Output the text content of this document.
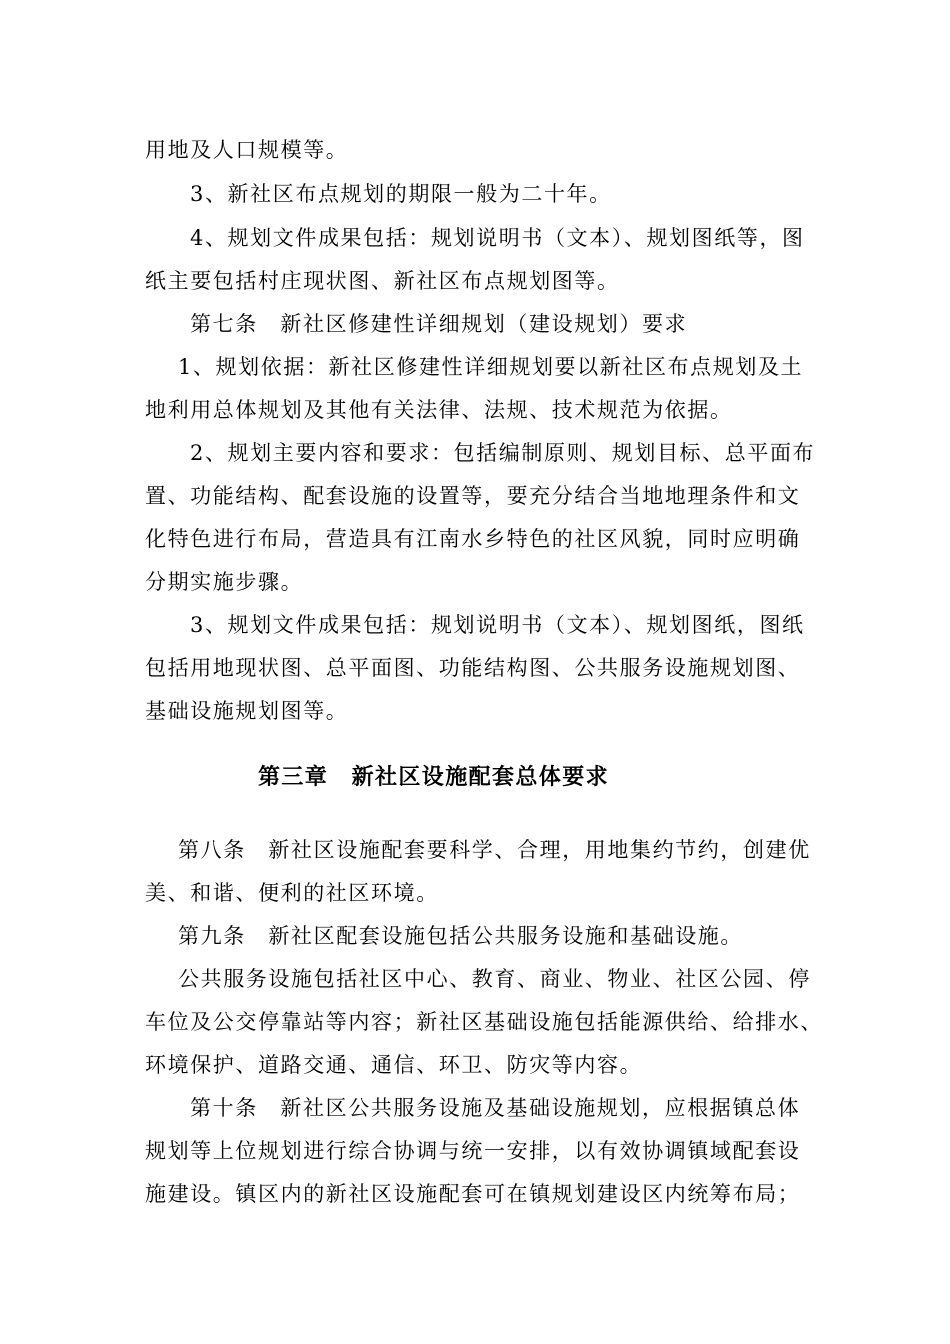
用地及人口规模等。
3、新社区布点规划的期限一般为二十年。
4、规划文件成果包括：规划说明书（文本）、规划图纸等，图
纸主要包括村庄现状图、新社区布点规划图等。
第七条　新社区修建性详细规划（建设规划）要求
1、规划依据：新社区修建性详细规划要以新社区布点规划及土
地利用总体规划及其他有关法律、法规、技术规范为依据。
2、规划主要内容和要求：包括编制原则、规划目标、总平面布
置、功能结构、配套设施的设置等，要充分结合当地地理条件和文
化特色进行布局，营造具有江南水乡特色的社区风貌，同时应明确
分期实施步骤。
3、规划文件成果包括：规划说明书（文本）、规划图纸，图纸
包括用地现状图、总平面图、功能结构图、公共服务设施规划图、
基础设施规划图等。
第三章　新社区设施配套总体要求
第八条　新社区设施配套要科学、合理，用地集约节约，创建优
美、和谐、便利的社区环境。
第九条　新社区配套设施包括公共服务设施和基础设施。
公共服务设施包括社区中心、教育、商业、物业、社区公园、停
车位及公交停靠站等内容；新社区基础设施包括能源供给、给排水、
环境保护、道路交通、通信、环卫、防灾等内容。
第十条　新社区公共服务设施及基础设施规划，应根据镇总体
规划等上位规划进行综合协调与统一安排，以有效协调镇域配套设
施建设。镇区内的新社区设施配套可在镇规划建设区内统筹布局；
